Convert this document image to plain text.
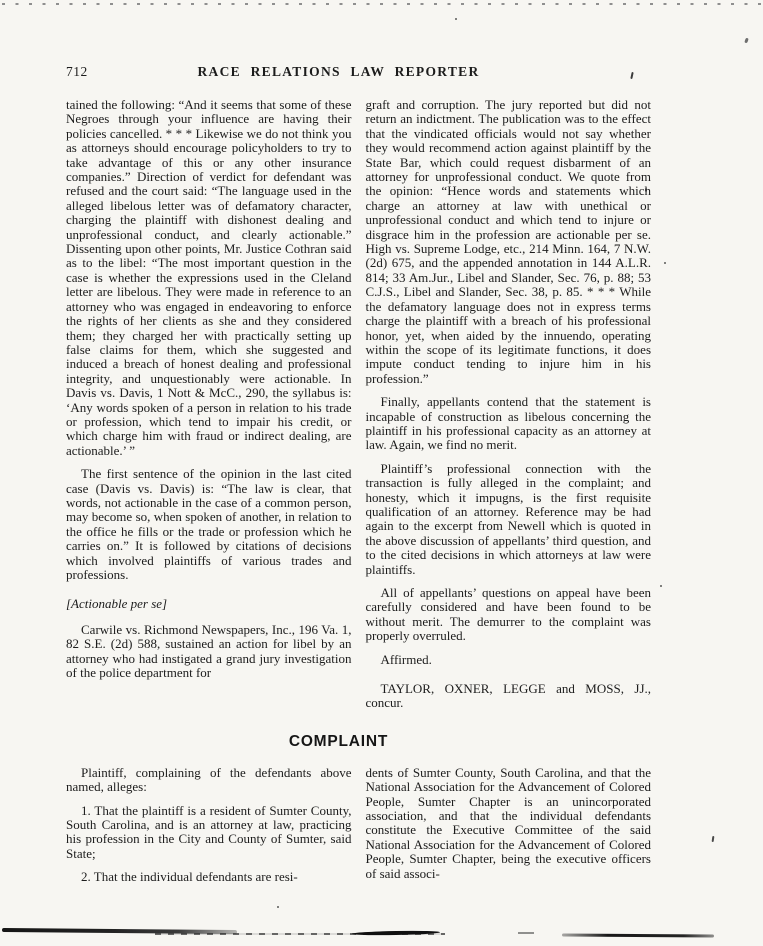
712	RACE RELATIONS LAW REPORTER

tained the following: “And it seems that some of these Negroes through your influence are having their policies cancelled. * * * Likewise we do not think you as attorneys should encourage policyholders to try to take advantage of this or any other insurance companies.” Direction of verdict for defendant was refused and the court said: “The language used in the alleged libelous letter was of defamatory character, charging the plaintiff with dishonest dealing and unprofessional conduct, and clearly actionable.” Dissenting upon other points, Mr. Justice Cothran said as to the libel: “The most important question in the case is whether the expressions used in the Cleland letter are libelous. They were made in reference to an attorney who was engaged in endeavoring to enforce the rights of her clients as she and they considered them; they charged her with practically setting up false claims for them, which she suggested and induced a breach of honest dealing and professional integrity, and unquestionably were actionable. In Davis vs. Davis, 1 Nott & McC., 290, the syllabus is: ‘Any words spoken of a person in relation to his trade or profession, which tend to impair his credit, or which charge him with fraud or indirect dealing, are actionable.’ ”

The first sentence of the opinion in the last cited case (Davis vs. Davis) is: “The law is clear, that words, not actionable in the case of a common person, may become so, when spoken of another, in relation to the office he fills or the trade or profession which he carries on.” It is followed by citations of decisions which involved plaintiffs of various trades and professions.

[Actionable per se]

Carwile vs. Richmond Newspapers, Inc., 196 Va. 1, 82 S.E. (2d) 588, sustained an action for libel by an attorney who had instigated a grand jury investigation of the police department for

graft and corruption. The jury reported but did not return an indictment. The publication was to the effect that the vindicated officials would not say whether they would recommend action against plaintiff by the State Bar, which could request disbarment of an attorney for unprofessional conduct. We quote from the opinion: “Hence words and statements which charge an attorney at law with unethical or unprofessional conduct and which tend to injure or disgrace him in the profession are actionable per se. High vs. Supreme Lodge, etc., 214 Minn. 164, 7 N.W. (2d) 675, and the appended annotation in 144 A.L.R. 814; 33 Am.Jur., Libel and Slander, Sec. 76, p. 88; 53 C.J.S., Libel and Slander, Sec. 38, p. 85. * * * While the defamatory language does not in express terms charge the plaintiff with a breach of his professional honor, yet, when aided by the innuendo, operating within the scope of its legitimate functions, it does impute conduct tending to injure him in his profession.”

Finally, appellants contend that the statement is incapable of construction as libelous concerning the plaintiff in his professional capacity as an attorney at law. Again, we find no merit.

Plaintiff’s professional connection with the transaction is fully alleged in the complaint; and honesty, which it impugns, is the first requisite qualification of an attorney. Reference may be had again to the excerpt from Newell which is quoted in the above discussion of appellants’ third question, and to the cited decisions in which attorneys at law were plaintiffs.

All of appellants’ questions on appeal have been carefully considered and have been found to be without merit. The demurrer to the complaint was properly overruled.

Affirmed.

TAYLOR, OXNER, LEGGE and MOSS, JJ., concur.

COMPLAINT

Plaintiff, complaining of the defendants above named, alleges:

1. That the plaintiff is a resident of Sumter County, South Carolina, and is an attorney at law, practicing his profession in the City and County of Sumter, said State;

2. That the individual defendants are resi-

dents of Sumter County, South Carolina, and that the National Association for the Advancement of Colored People, Sumter Chapter is an unincorporated association, and that the individual defendants constitute the Executive Committee of the said National Association for the Advancement of Colored People, Sumter Chapter, being the executive officers of said associ-
